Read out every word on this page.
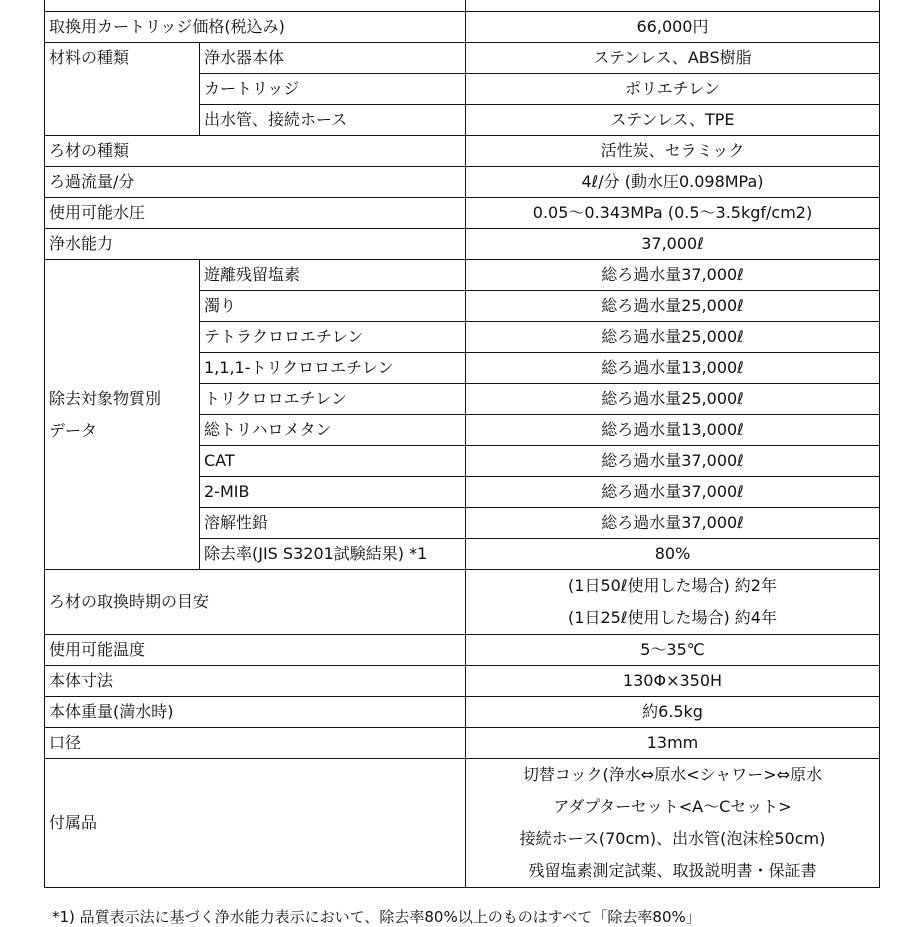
取換用カートリッジ価格(税込み)		66,000円
材料の種類	浄水器本体	ステンレス、ABS樹脂
	カートリッジ	ポリエチレン
	出水管、接続ホース	ステンレス、TPE
ろ材の種類		活性炭、セラミック
ろ過流量/分		4ℓ/分 (動水圧0.098MPa)
使用可能水圧		0.05〜0.343MPa (0.5〜3.5kgf/cm2)
浄水能力		37,000ℓ

除去対象物質別
データ	遊離残留塩素	総ろ過水量37,000ℓ
	濁り	総ろ過水量25,000ℓ
	テトラクロロエチレン	総ろ過水量25,000ℓ
	1,1,1-トリクロロエチレン	総ろ過水量13,000ℓ
	トリクロロエチレン	総ろ過水量25,000ℓ
	総トリハロメタン	総ろ過水量13,000ℓ
	CAT	総ろ過水量37,000ℓ
	2-MIB	総ろ過水量37,000ℓ
	溶解性鉛	総ろ過水量37,000ℓ
	除去率(JIS S3201試験結果) *1	80%
ろ材の取換時期の目安		(1日50ℓ使用した場合) 約2年
(1日25ℓ使用した場合) 約4年

使用可能温度		5〜35℃
本体寸法		130Φ×350H
本体重量(満水時)		約6.5kg
口径		13mm
付属品		切替コック(浄水⇔原水<シャワー>⇔原水
アダプターセット<A〜Cセット>
接続ホース(70cm)、出水管(泡沫栓50cm)
残留塩素測定試薬、取扱説明書・保証書
*1) 品質表示法に基づく浄水能力表示において、除去率80%以上のものはすべて「除去率80%」
